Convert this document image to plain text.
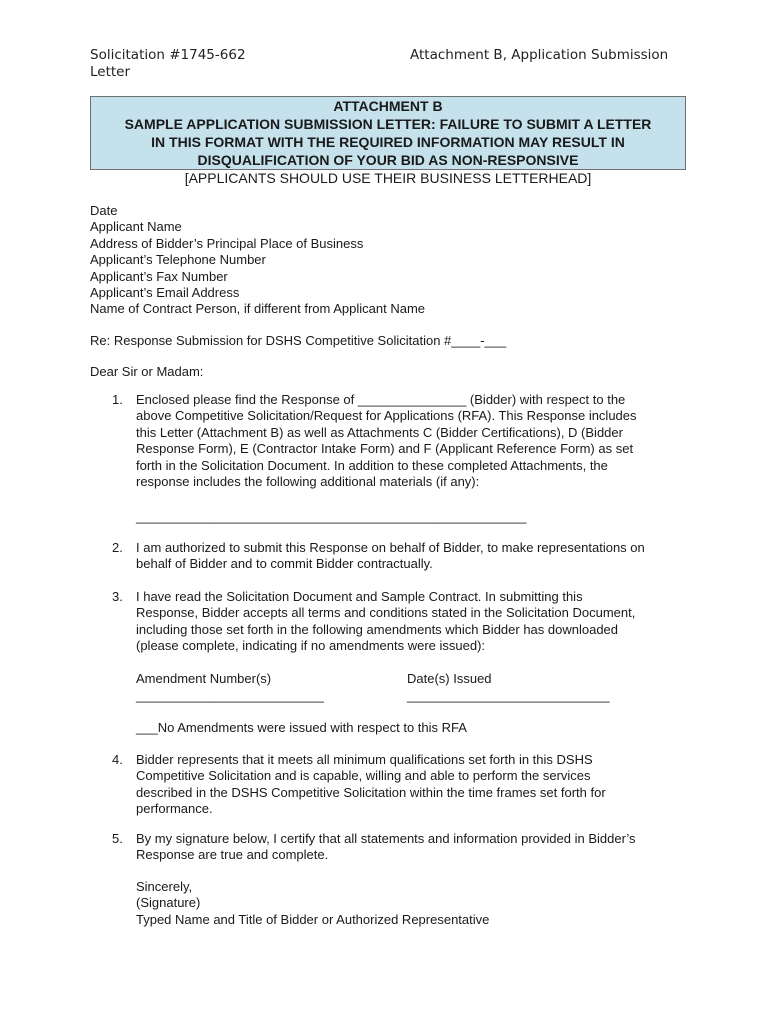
Solicitation #1745-662
Letter
Attachment B, Application Submission
ATTACHMENT B
SAMPLE APPLICATION SUBMISSION LETTER: FAILURE TO SUBMIT A LETTER
IN THIS FORMAT WITH THE REQUIRED INFORMATION MAY RESULT IN
DISQUALIFICATION OF YOUR BID AS NON-RESPONSIVE
[APPLICANTS SHOULD USE THEIR BUSINESS LETTERHEAD]
Date
Applicant Name
Address of Bidder’s Principal Place of Business
Applicant’s Telephone Number
Applicant’s Fax Number
Applicant’s Email Address
Name of Contract Person, if different from Applicant Name
Re: Response Submission for DSHS Competitive Solicitation #____-___
Dear Sir or Madam:
1.	Enclosed please find the Response of _______________ (Bidder) with respect to the
above Competitive Solicitation/Request for Applications (RFA). This Response includes
this Letter (Attachment B) as well as Attachments C (Bidder Certifications), D (Bidder
Response Form), E (Contractor Intake Form) and F (Applicant Reference Form) as set
forth in the Solicitation Document. In addition to these completed Attachments, the
response includes the following additional materials (if any):
______________________________________________________
2.	I am authorized to submit this Response on behalf of Bidder, to make representations on
behalf of Bidder and to commit Bidder contractually.
3.	I have read the Solicitation Document and Sample Contract. In submitting this
Response, Bidder accepts all terms and conditions stated in the Solicitation Document,
including those set forth in the following amendments which Bidder has downloaded
(please complete, indicating if no amendments were issued):
Amendment Number(s)	Date(s) Issued
__________________________	____________________________
___No Amendments were issued with respect to this RFA
4.	Bidder represents that it meets all minimum qualifications set forth in this DSHS
Competitive Solicitation and is capable, willing and able to perform the services
described in the DSHS Competitive Solicitation within the time frames set forth for
performance.
5.	By my signature below, I certify that all statements and information provided in Bidder’s
Response are true and complete.
Sincerely,
(Signature)
Typed Name and Title of Bidder or Authorized Representative
